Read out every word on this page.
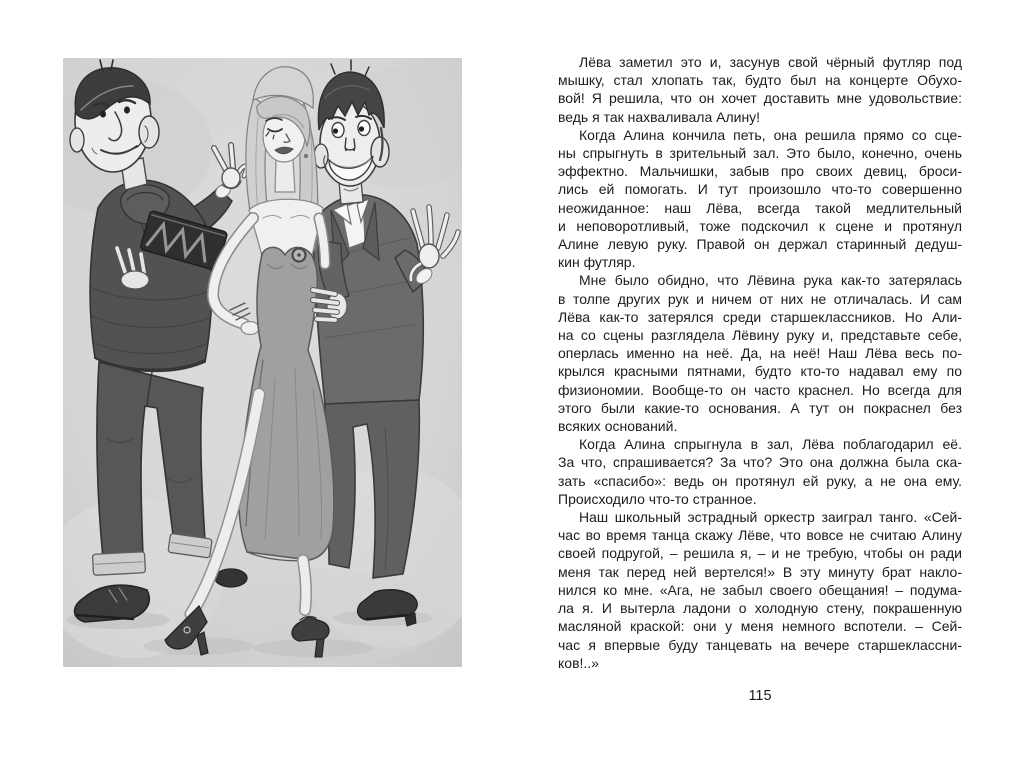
Лёва заметил это и, засунув свой чёрный футляр под
мышку, стал хлопать так, будто был на концерте Обухо-
вой! Я решила, что он хочет доставить мне удовольствие:
ведь я так нахваливала Алину!

Когда Алина кончила петь, она решила прямо со сце-
ны спрыгнуть в зрительный зал. Это было, конечно, очень
эффектно. Мальчишки, забыв про своих девиц, броси-
лись ей помогать. И тут произошло что-то совершенно
неожиданное: наш Лёва, всегда такой медлительный
и неповоротливый, тоже подскочил к сцене и протянул
Алине левую руку. Правой он держал старинный дедуш-
кин футляр.

Мне было обидно, что Лёвина рука как-то затерялась
в толпе других рук и ничем от них не отличалась. И сам
Лёва как-то затерялся среди старшеклассников. Но Али-
на со сцены разглядела Лёвину руку и, представьте себе,
оперлась именно на неё. Да, на неё! Наш Лёва весь по-
крылся красными пятнами, будто кто-то надавал ему по
физиономии. Вообще-то он часто краснел. Но всегда для
этого были какие-то основания. А тут он покраснел без
всяких оснований.

Когда Алина спрыгнула в зал, Лёва поблагодарил её.
За что, спрашивается? За что? Это она должна была ска-
зать «спасибо»: ведь он протянул ей руку, а не она ему.
Происходило что-то странное.

Наш школьный эстрадный оркестр заиграл танго. «Сей-
час во время танца скажу Лёве, что вовсе не считаю Алину
своей подругой, – решила я, – и не требую, чтобы он ради
меня так перед ней вертелся!» В эту минуту брат накло-
нился ко мне. «Ага, не забыл своего обещания! – подума-
ла я. И вытерла ладони о холодную стену, покрашенную
масляной краской: они у меня немного вспотели. – Сей-
час я впервые буду танцевать на вечере старшеклассни-
ков!..»

115
